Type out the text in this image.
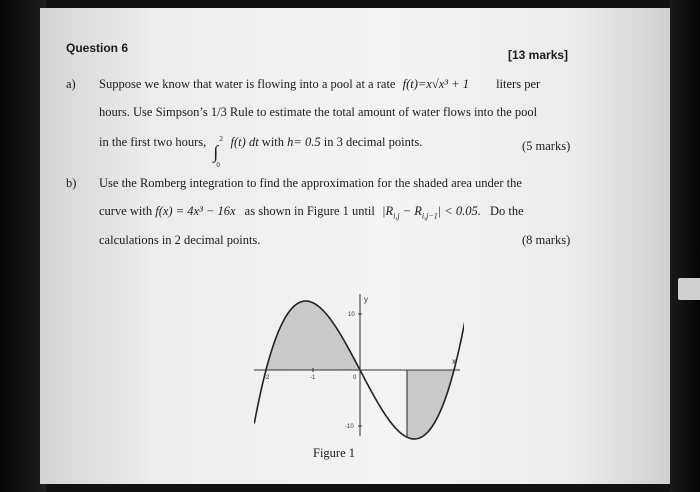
Question 6	[13 marks]
a) Suppose we know that water is flowing into a pool at a rate f(t)=x√x³ + 1 liters per
hours. Use Simpson’s 1/3 Rule to estimate the total amount of water flows into the pool
in the first two hours, 2
∫
0
f(t) dt with h= 0.5 in 3 decimal points.	(5 marks)
b) Use the Romberg integration to find the approximation for the shaded area under the
curve with f(x) = 4x³ − 16x as shown in Figure 1 until $|R_{i,j} - R_{i,j-1}| < 0.05$. Do the
calculations in 2 decimal points.	(8 marks)
y
x
10
-10
-2	-1	0
Figure 1
